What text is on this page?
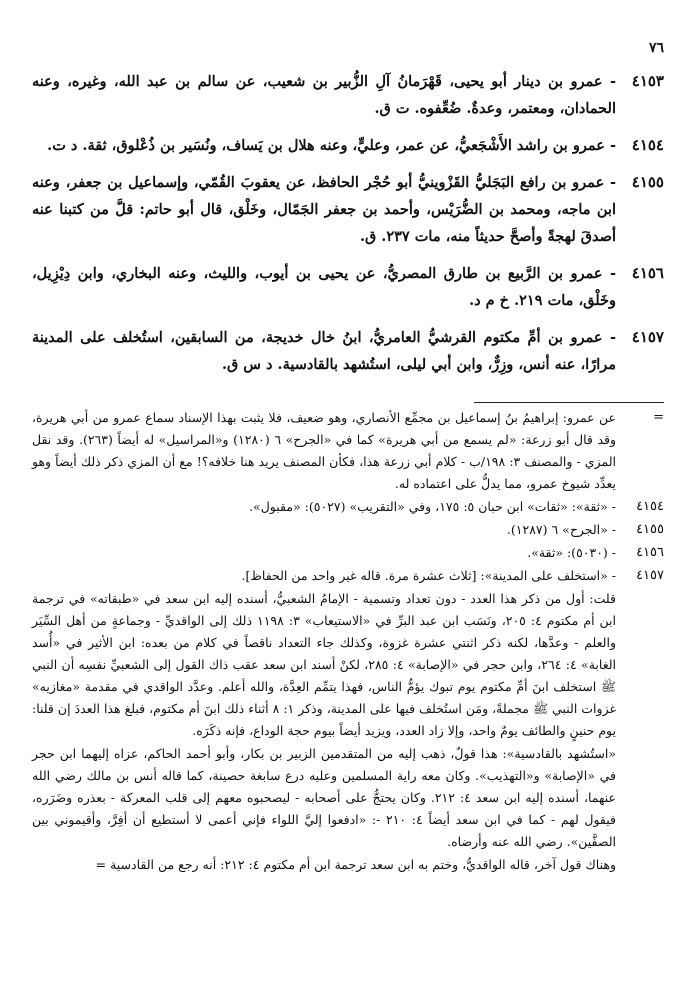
٧٦
٤١٥٣
- عمرو بن دينار أبو يحيى، قَهْرَمانُ آلِ الزُّبير بن شعيب، عن سالم بن عبد الله، وغيره، وعنه الحمادان، ومعتمر، وعدةٌ. ضُعِّفوه. ت ق.
٤١٥٤
- عمرو بن راشد الأَشْجَعيُّ، عن عمر، وعليٍّ، وعنه هلال بن يَساف، ونُسَير بن ذُعْلوق، ثقة. د ت.
٤١٥٥
- عمرو بن رافع البَجَليُّ القَزْوينيُّ أبو حُجْر الحافظ، عن يعقوبَ القُمّي، وإسماعيل بن جعفر، وعنه ابن ماجه، ومحمد بن الضُّرَيْس، وأحمد بن جعفر الجَمّال، وخَلْق، قال أبو حاتم: قلَّ من كتبنا عنه أصدقَ لهجةً وأصحَّ حديثاً منه، مات ٢٣٧. ق.
٤١٥٦
- عمرو بن الرَّبيع بن طارق المصريُّ، عن يحيى بن أيوب، والليث، وعنه البخاري، وابن دِيْزِيل، وخَلْق، مات ٢١٩. خ م د.
٤١٥٧
- عمرو بن أمِّ مكتوم القرشيُّ العامريُّ، ابنُ خال خديجة، من السابقين، استُخلف على المدينة مرارًا، عنه أنس، وزِرٌّ، وابن أبي ليلى، استُشهد بالقادسية. د س ق.
=
عن عمرو: إبراهيمُ بنُ إسماعيل بن مجمِّع الأنصاري، وهو ضعيف، فلا يثبت بهذا الإسناد سماع عمرو من أبي هريرة، وقد قال أبو زرعة: «لم يسمع من أبي هريرة» كما في «الجرح» ٦ (١٢٨٠) و«المراسيل» له أيضاً (٢٦٣). وقد نقل المزي - والمصنف ٣: ١٩٨/ب - كلام أبي زرعة هذا، فكأن المصنف يريد هنا خلافه؟! مع أن المزي ذكر ذلك أيضاً وهو يعدِّد شيوخ عمرو، مما يدلُّ على اعتماده له.
٤١٥٤
- «ثقة»: «ثقات» ابن حبان ٥: ١٧٥، وفي «التقريب» (٥٠٢٧): «مقبول».
٤١٥٥
- «الجرح» ٦ (١٢٨٧).
٤١٥٦
- (٥٠٣٠): «ثقة».
٤١٥٧
- «استخلف على المدينة»: [ثلاث عشرة مرة. قاله غير واحد من الحفاظ].
قلت: أول من ذكر هذا العدد - دون تعداد وتسمية - الإمامُ الشعبيُّ، أسنده إليه ابن سعد في «طبقاته» في ترجمة ابن أم مكتوم ٤: ٢٠٥، ونَسَب ابن عبد البرِّ في «الاستيعاب» ٣: ١١٩٨ ذلك إلى الواقديِّ - وجماعةٍ من أهل السِّيَر والعلم - وعدَّها، لكنه ذكر اثنتي عشرة غزوة، وكذلك جاء التعداد ناقصاً في كلام من بعده: ابن الأثير في «أُسد الغابة» ٤: ٢٦٤، وابن حجر في «الإصابة» ٤: ٢٨٥، لكنْ أسند ابن سعد عقب ذاك القول إلى الشعبيِّ نفسِه أن النبي ﷺ استخلف ابنَ أمِّ مكتوم يوم تبوك يؤمُّ الناس، فهذا يتمِّم العِدَّة، والله أعلم. وعدَّد الواقدي في مقدمة «مغازيه» غزوات النبي ﷺ مجملةً، ومَن استُخلف فيها على المدينة، وذكر ١: ٨ أثناء ذلك ابنَ أم مكتوم، فبلغ هذا العددَ إن قلنا: يوم حنينٍ والطائف يومٌ واحد، وإلا زاد العدد، ويزيد أيضاً بيوم حجة الوداع، فإنه ذكَرَه.
«استُشهد بالقادسية»: هذا قولٌ، ذهب إليه من المتقدمين الزبير بن بكار، وأبو أحمد الحاكم، عزاه إليهما ابن حجر في «الإصابة» و«التهذيب». وكان معه راية المسلمين وعليه درع سابغة حصينة، كما قاله أنس بن مالك رضي الله عنهما، أسنده إليه ابن سعد ٤: ٢١٢. وكان يحتجُّ على أصحابه - ليصحبوه معهم إلى قلب المعركة - بعذره وضَرَره، فيقول لهم - كما في ابن سعد أيضاً ٤: ٢١٠ -: «ادفعوا إليَّ اللواء فإني أعمى لا أستطيع أن أفِرَّ، وأقيموني بين الصفَّين». رضي الله عنه وأرضاه.
وهناك قول آخر، قاله الواقديُّ، وختم به ابن سعد ترجمة ابن أم مكتوم ٤: ٢١٢: أنه رجع من القادسية =
